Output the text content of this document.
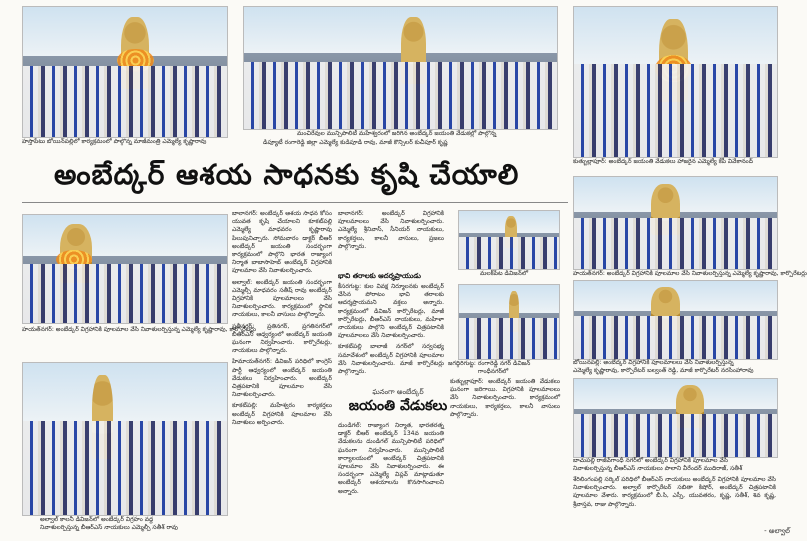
హస్తాపేటు బోయిన్‌పల్లిలో కార్యక్రమంలో పాల్గొన్న మాజీమంత్రి ఎమ్మెల్యే కృష్ణారావు
మంచిరేవుల మున్సిపాలిటీ మహేశ్వరంలో జరిగిన అంబేద్కర్ జయంతి వేడుకల్లో పాల్గొన్న
డిప్యూటీ రంగారెడ్డి జిల్లా ఎమ్మెల్యే కుడిపూడి రావు, మాజీ కౌన్సిలర్ కుచీపూర్ కృష్ణ
కుత్బుల్లాపూర్: అంబేద్కర్ జయంతి వేడుకలు హాజరైన ఎమ్మెల్యే కేపీ వివేకానంద్
అంబేద్కర్ ఆశయ సాధనకు కృషి చేయాలి
హయత్‌నగర్: అంబేద్కర్ విగ్రహానికి పూలమాల వేసి నివాళులర్పిస్తున్న ఎమ్మెల్యే కృష్ణారావు, కార్పొరేటర్లు
బోయినపల్లి: అంబేద్కర్ విగ్రహానికి పూలమాలలు వేసి నివాళులర్పిస్తున్న
ఎమ్మెల్యే కృష్ణారావు, కార్పొరేటర్ బల్వంత్ రెడ్డి, మాజీ కార్పొరేటర్ నరసింహారావు
బాచుపల్లి రాజీవ్‌గాంధీ నగర్‌లో అంబేద్కర్ విగ్రహానికి పూలమాల వేసి
నివాళులర్పిస్తున్న బీఆర్‌ఎస్ నాయకులు పాలాని వీరేందర్ ముదిరాజ్, సతీశ్

శేరిలింగంపల్లి సర్కిల్ పరిధిలో బీఆర్‌ఎస్ నాయకులు అంబేద్కర్ విగ్రహానికి పూలమాల వేసి నివాళులర్పించారు. అల్వాల్ కార్పొరేటర్ సబితా కిషోర్, అంబేద్కర్ చిత్రపటానికి పూలమాల వేశారు. కార్యక్రమంలో బీ.సి, ఎస్సీ, యువతరం, కృష్ణ, సతీశ్, శివ కృష్ణ, శ్రీవాస్తవ, రాజు పాల్గొన్నారు.

హయత్‌నగర్: అంబేద్కర్ విగ్రహానికి పూలమాల వేసి నివాళులర్పిస్తున్న ఎమ్మెల్యే కృష్ణారావు, కార్పొరేటర్లు
అల్వాల్ కాలనీ డివిజన్‌లో అంబేద్కర్ విగ్రహం వద్ద
నివాళులర్పిస్తున్న బీఆర్‌ఎస్ నాయకులు ఎమ్మెల్సీ సతీశ్ రావు

బాలానగర్: అంబేద్కర్ ఆశయ సాధన కోసం యువత కృషి చేయాలని కూకట్‌పల్లి ఎమ్మెల్యే మాధవరం కృష్ణారావు పిలుపునిచ్చారు. సోమవారం డాక్టర్ బీఆర్ అంబేద్కర్ జయంతి సందర్భంగా కార్యక్రమంలో పాల్గొని భారత రాజ్యాంగ నిర్మాత బాబాసాహెబ్ అంబేద్కర్ విగ్రహానికి పూలమాల వేసి నివాళులర్పించారు.

అల్వాల్: అంబేద్కర్ జయంతి సందర్భంగా ఎమ్మెల్సీ మాధవరం సతీష్ రావు అంబేద్కర్ విగ్రహానికి పూలమాలలు వేసి నివాళులర్పించారు. కార్యక్రమంలో స్థానిక నాయకులు, కాలనీ వాసులు పాల్గొన్నారు.

ప్రతీనగర్: ప్రతినగర్, ప్రగతినగర్‌లో బీఆర్‌ఎస్ ఆధ్వర్యంలో అంబేద్కర్ జయంతి ఘనంగా నిర్వహించారు. కార్పొరేటర్లు, నాయకులు పాల్గొన్నారు.

హిమాయత్‌నగర్: డివిజన్ పరిధిలో కాంగ్రెస్ పార్టీ ఆధ్వర్యంలో అంబేద్కర్ జయంతి వేడుకలు నిర్వహించారు. అంబేద్కర్ చిత్రపటానికి పూలమాల వేసి నివాళులర్పించారు.

కూకట్‌పల్లి: మహేశ్వరం కార్యకర్తలు అంబేద్కర్ విగ్రహానికి పూలమాల వేసి నివాళులు అర్పించారు.

బాలానగర్: అంబేద్కర్ విగ్రహానికి పూలమాలలు వేసి నివాళులర్పించారు. ఎమ్మెల్యే శ్రీనివాస్, సీనియర్ నాయకులు, కార్యకర్తలు, కాలనీ వాసులు, ప్రజలు పాల్గొన్నారు.

భావి తరాలకు ఆదర్శప్రాయుడు

కీసరగుట్ట: కుల వివక్ష నిర్మూలనకు అంబేద్కర్ చేసిన పోరాటం భావి తరాలకు ఆదర్శప్రాయమని వక్తలు అన్నారు. కార్యక్రమంలో డివిజన్ కార్పొరేటర్లు, మాజీ కార్పొరేటర్లు, బీఆర్‌ఎస్ నాయకులు, మహిళా నాయకులు పాల్గొని అంబేద్కర్ చిత్రపటానికి పూలమాలలు వేసి నివాళులర్పించారు.

కూకట్‌పల్లి బాలాజీ నగర్‌లో సర్వసభ్య సమావేశంలో అంబేద్కర్ విగ్రహానికి పూలమాల వేసి నివాళులర్పించారు. మాజీ కార్పొరేటర్లు పాల్గొన్నారు.

మలక్‌పేట డివిజన్‌లో
జగద్గిరిగుట్ట: రంగారెడ్డి నగర్ డివిజన్
గాంధీనగర్‌లో
ఘనంగా అంబేద్కర్
జయంతి వేడుకలు

దుండిగల్: రాజ్యాంగ నిర్మాత, భారతరత్న డాక్టర్ బీఆర్ అంబేద్కర్ 134వ జయంతి వేడుకలను దుండిగల్ మున్సిపాలిటీ పరిధిలో ఘనంగా నిర్వహించారు. మున్సిపాలిటీ కార్యాలయంలో అంబేద్కర్ చిత్రపటానికి పూలమాల వేసి నివాళులర్పించారు. ఈ సందర్భంగా ఎమ్మెల్యే విప్లవ్ మాట్లాడుతూ అంబేద్కర్ ఆశయాలను కొనసాగించాలని అన్నారు.

కుత్బుల్లాపూర్: అంబేద్కర్ జయంతి వేడుకలు ఘనంగా జరిగాయి. విగ్రహానికి పూలమాలలు వేసి నివాళులర్పించారు. కార్యక్రమంలో నాయకులు, కార్యకర్తలు, కాలనీ వాసులు పాల్గొన్నారు.

- అల్వాల్
